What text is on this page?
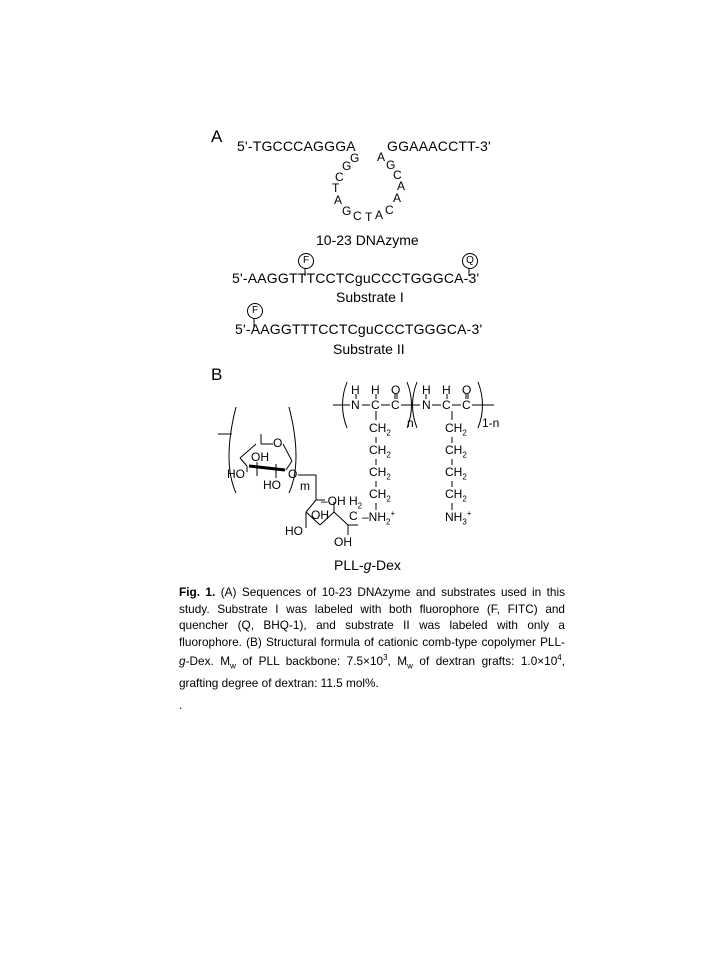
A 5'-TGCCCAGGGA GGAAACCTT-3'
G
G
C
T
A
G C T A C
A
A
C
G
A
10-23 DNAzyme
F	Q
5'-AAGGTTTCCTCguCCCTGGGCA-3'
Substrate I
F
5'-AAGGTTTCCTCguCCCTGGGCA-3'
Substrate II
B
H H O H H O
N C C N C C
n	1-n
$CH_2$
$CH_2$
$CH_2$
$CH_2$
$-NH_2^+$
$CH_2$
$CH_2$
$CH_2$
$CH_2$
$NH_3^+$
O
OH
HO	O
HO m
–OH $H_2$
OH C
HO
OH
PLL-g-Dex
Fig. 1. (A) Sequences of 10-23 DNAzyme and substrates used in this study. Substrate I was labeled with both fluorophore (F, FITC) and quencher (Q, BHQ-1), and substrate II was labeled with only a fluorophore. (B) Structural formula of cationic comb-type copolymer PLL-g-Dex. $M_w$ of PLL backbone: $7.5\times 10^3$, $M_w$ of dextran grafts: $1.0\times 10^4$, grafting degree of dextran: 11.5 mol%.
.
